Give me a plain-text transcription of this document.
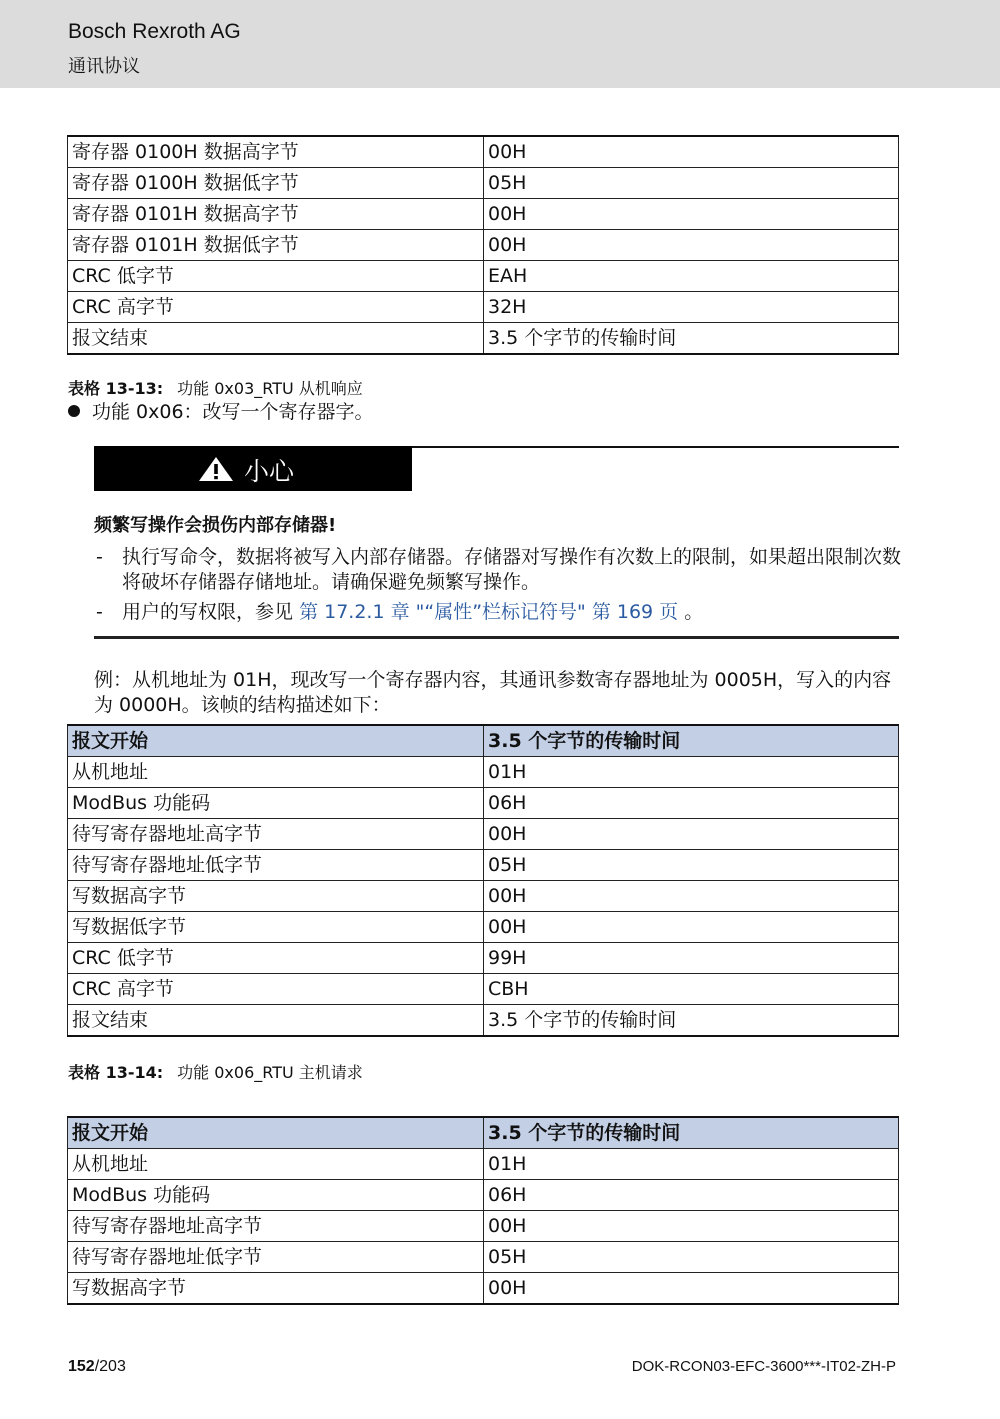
Bosch Rexroth AG
通讯协议
寄存器 0100H 数据高字节	00H
寄存器 0100H 数据低字节	05H
寄存器 0101H 数据高字节	00H
寄存器 0101H 数据低字节	00H
CRC 低字节	EAH
CRC 高字节	32H
报文结束	3.5 个字节的传输时间
表格 13-13: 功能 0x03_RTU 从机响应
功能 0x06：改写一个寄存器字。
小心
频繁写操作会损伤内部存储器!
-	执行写命令，数据将被写入内部存储器。存储器对写操作有次数上的限制，如果超出限制次数将破坏存储器存储地址。请确保避免频繁写操作。
-	用户的写权限，参见 第 17.2.1 章 "“属性”栏标记符号" 第 169 页 。
例：从机地址为 01H，现改写一个寄存器内容，其通讯参数寄存器地址为 0005H，写入的内容为 0000H。该帧的结构描述如下：
报文开始	3.5 个字节的传输时间
从机地址	01H
ModBus 功能码	06H
待写寄存器地址高字节	00H
待写寄存器地址低字节	05H
写数据高字节	00H
写数据低字节	00H
CRC 低字节	99H
CRC 高字节	CBH
报文结束	3.5 个字节的传输时间
表格 13-14: 功能 0x06_RTU 主机请求
报文开始	3.5 个字节的传输时间
从机地址	01H
ModBus 功能码	06H
待写寄存器地址高字节	00H
待写寄存器地址低字节	05H
写数据高字节	00H
152/203	DOK-RCON03-EFC-3600***-IT02-ZH-P
